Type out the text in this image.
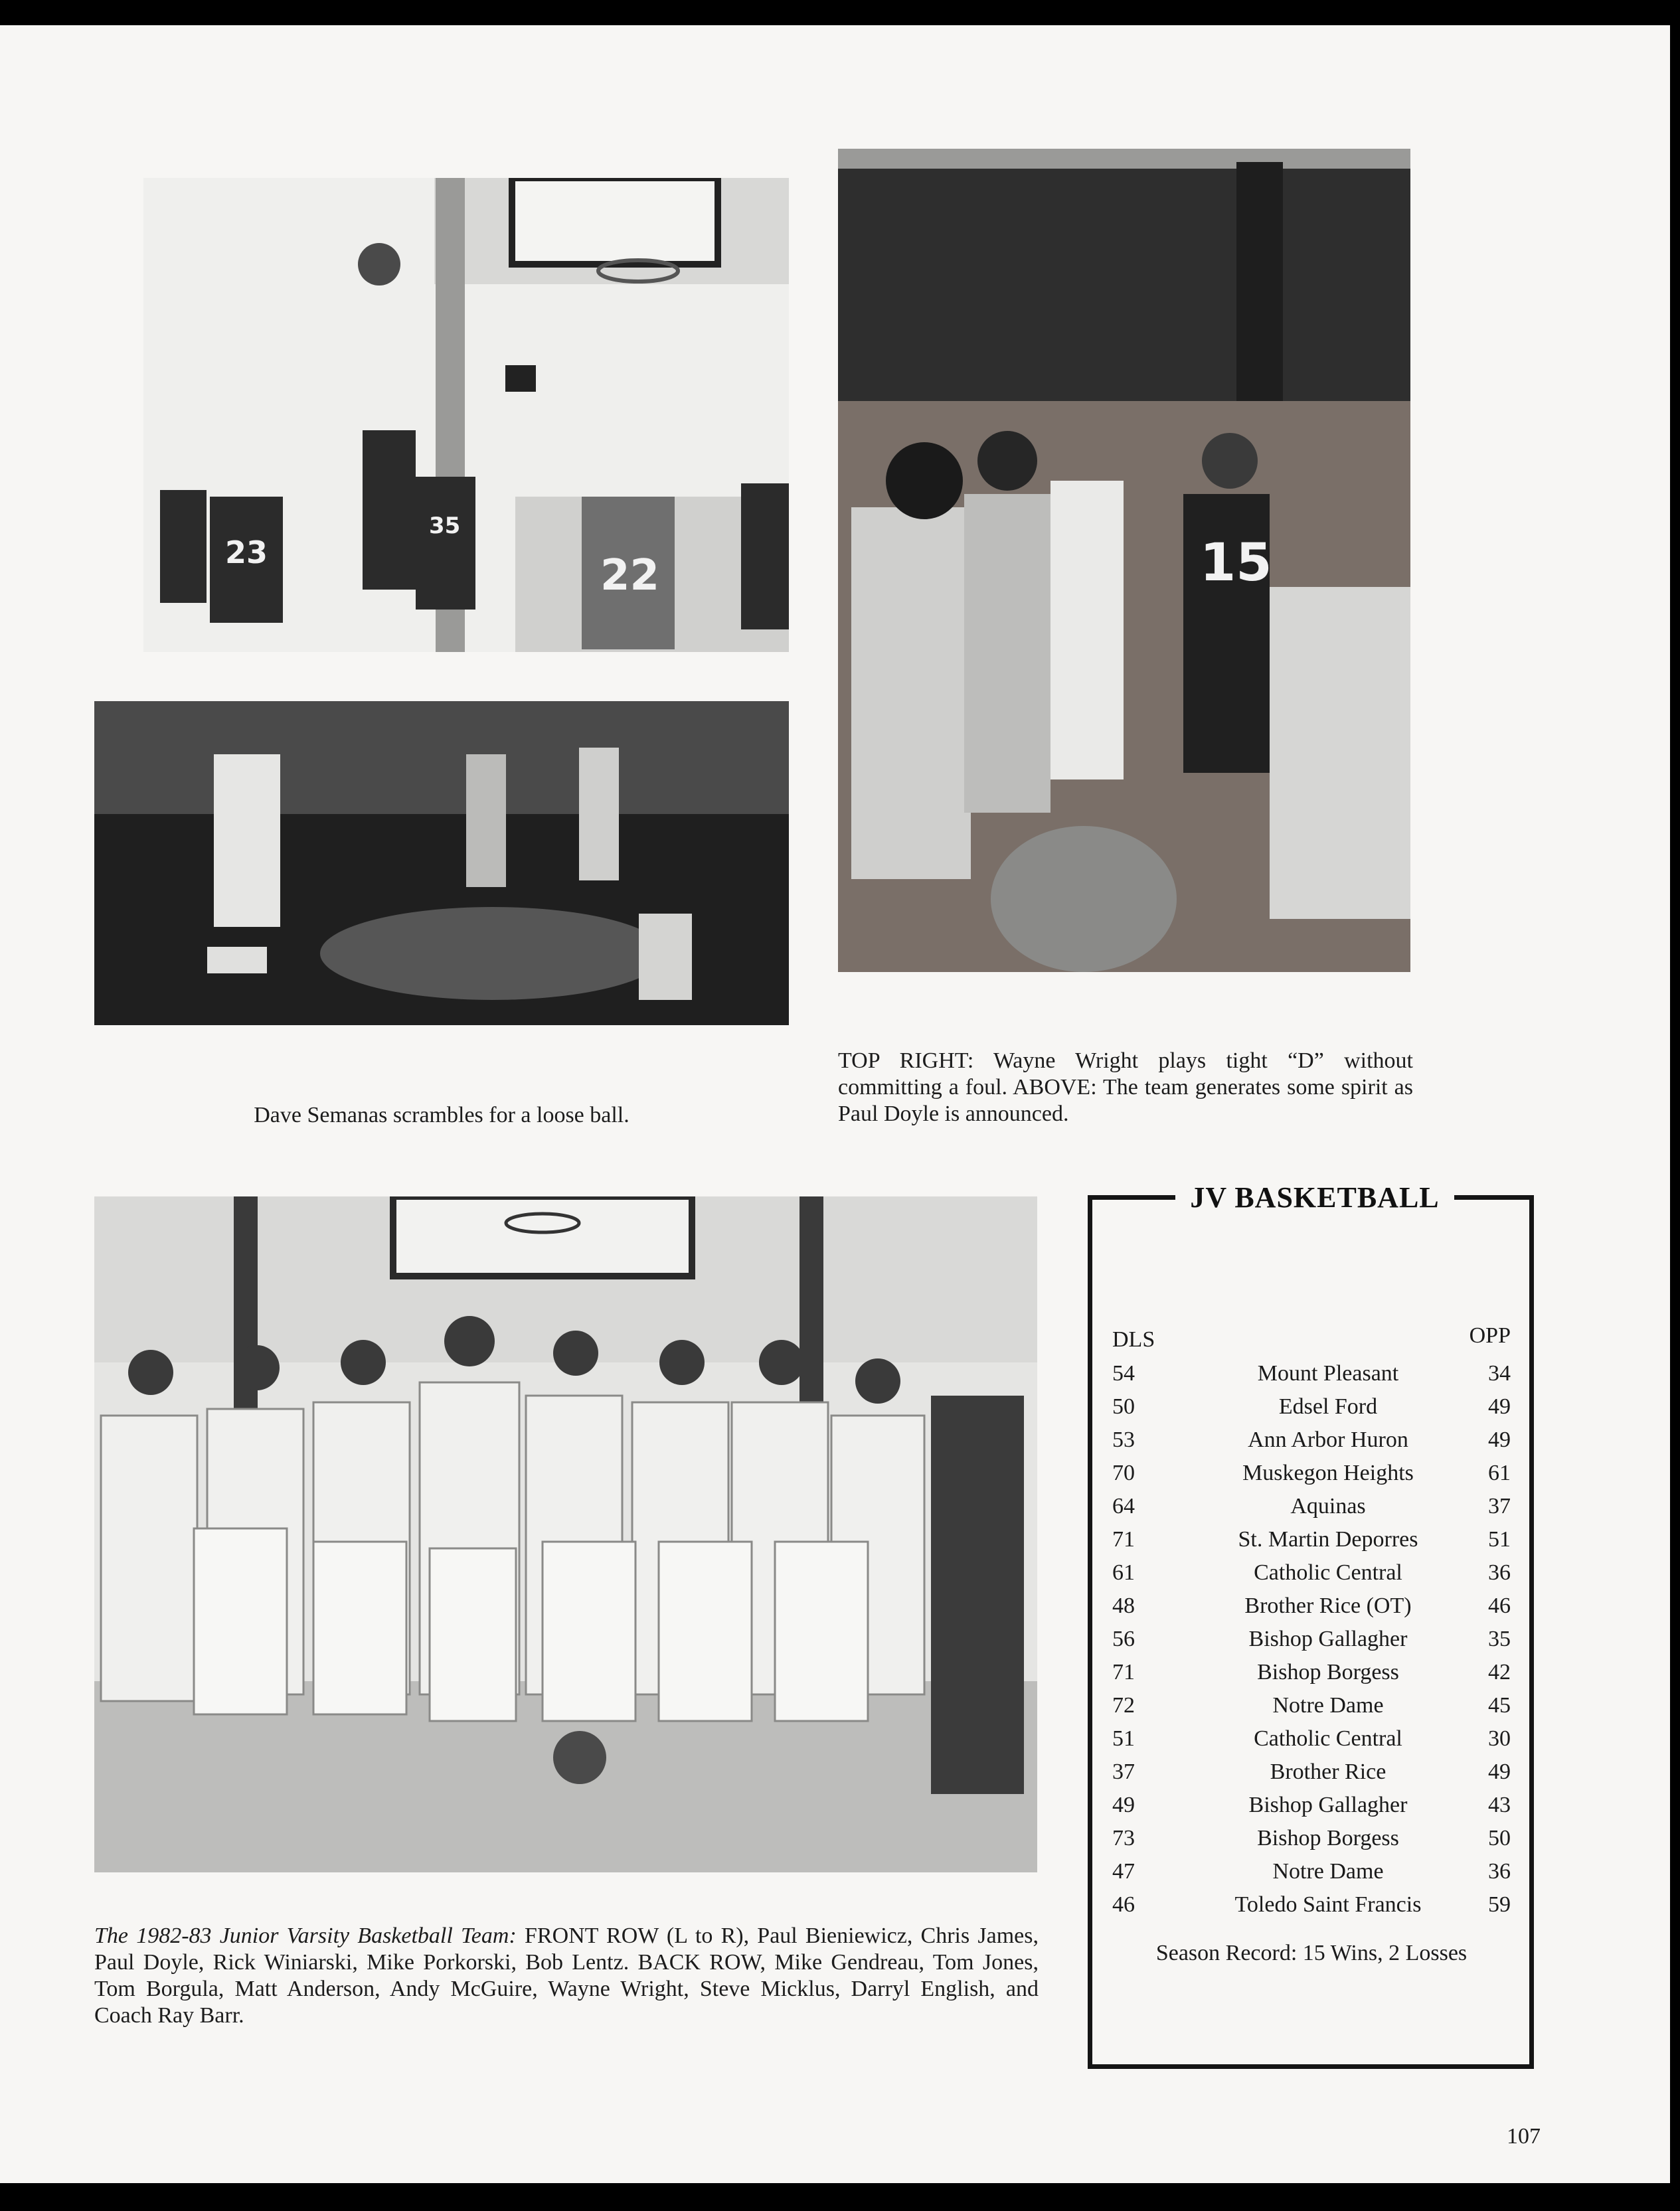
23
35
22	15
Dave Semanas scrambles for a loose ball.
TOP RIGHT: Wayne Wright plays tight “D” without committing a foul. ABOVE: The team generates some spirit as Paul Doyle is announced.
The 1982-83 Junior Varsity Basketball Team: FRONT ROW (L to R), Paul Bieniewicz, Chris James, Paul Doyle, Rick Winiarski, Mike Porkorski, Bob Lentz. BACK ROW, Mike Gendreau, Tom Jones, Tom Borgula, Matt Anderson, Andy McGuire, Wayne Wright, Steve Micklus, Darryl English, and Coach Ray Barr.
JV BASKETBALL
DLS	OPP
54	Mount Pleasant	34
50	Edsel Ford	49
53	Ann Arbor Huron	49
70	Muskegon Heights	61
64	Aquinas	37
71	St. Martin Deporres	51
61	Catholic Central	36
48	Brother Rice (OT)	46
56	Bishop Gallagher	35
71	Bishop Borgess	42
72	Notre Dame	45
51	Catholic Central	30
37	Brother Rice	49
49	Bishop Gallagher	43
73	Bishop Borgess	50
47	Notre Dame	36
46	Toledo Saint Francis	59
Season Record: 15 Wins, 2 Losses
107
